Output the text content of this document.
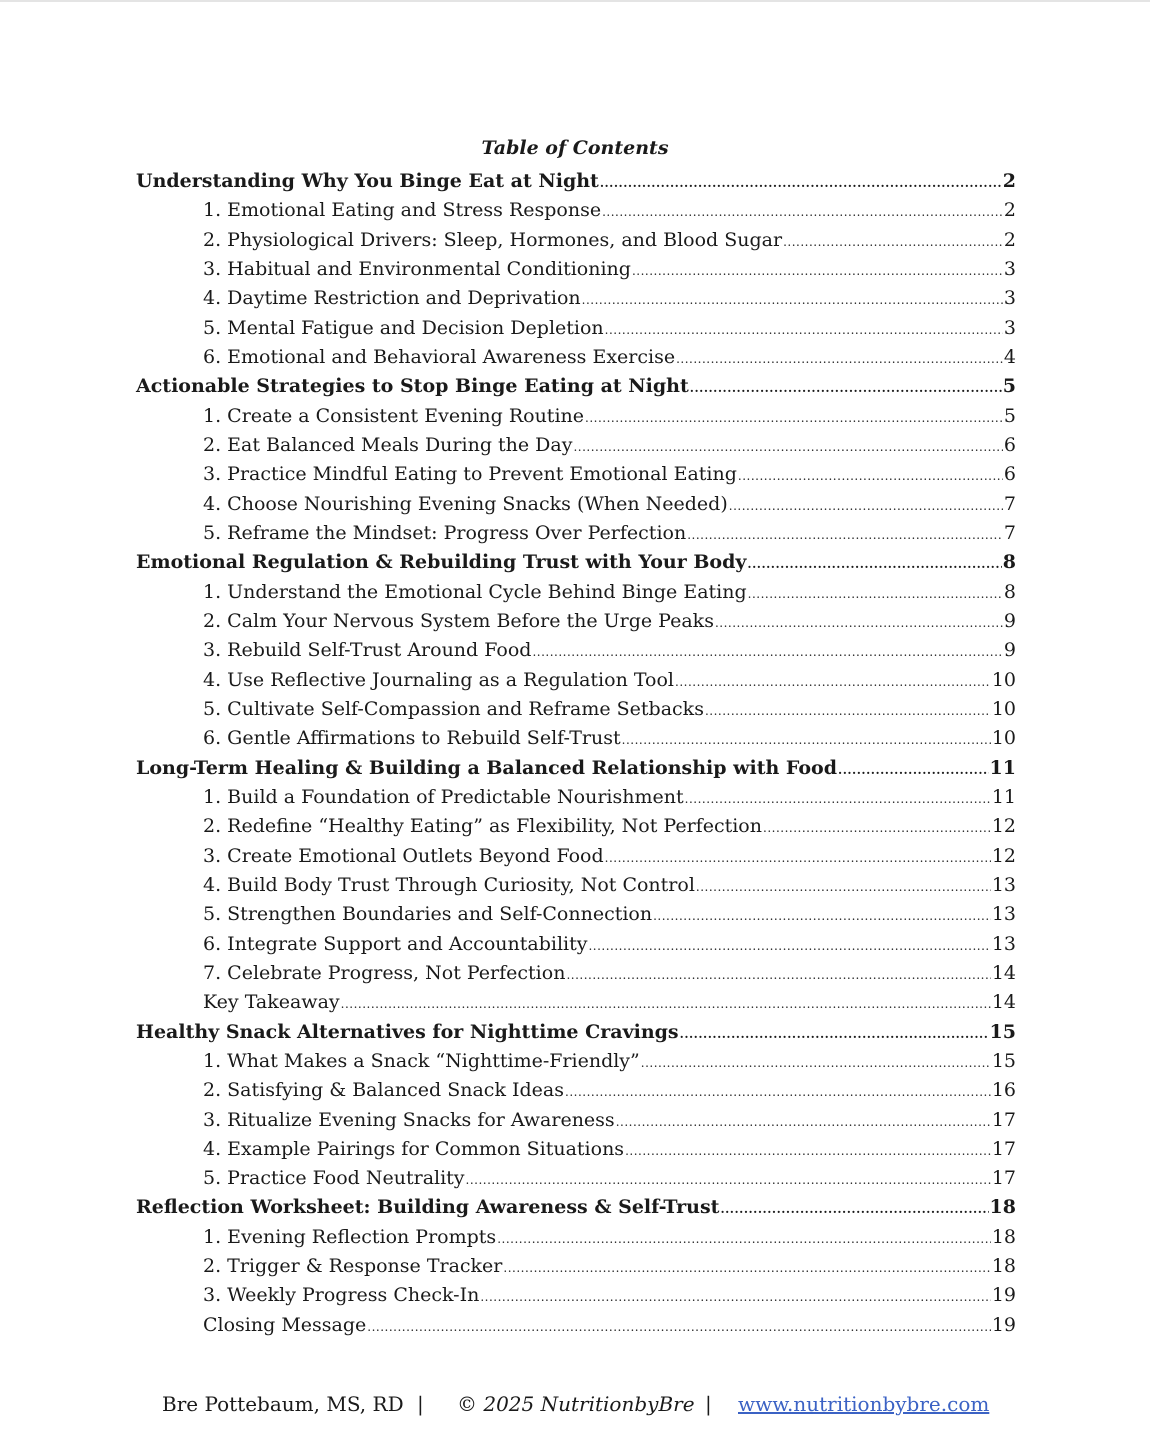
Table of Contents
Understanding Why You Binge Eat at Night .....	2
1. Emotional Eating and Stress Response .....	2
2. Physiological Drivers: Sleep, Hormones, and Blood Sugar .....	2
3. Habitual and Environmental Conditioning .....	3
4. Daytime Restriction and Deprivation .....	3
5. Mental Fatigue and Decision Depletion .....	3
6. Emotional and Behavioral Awareness Exercise .....	4
Actionable Strategies to Stop Binge Eating at Night .....	5
1. Create a Consistent Evening Routine .....	5
2. Eat Balanced Meals During the Day .....	6
3. Practice Mindful Eating to Prevent Emotional Eating .....	6
4. Choose Nourishing Evening Snacks (When Needed) .....	7
5. Reframe the Mindset: Progress Over Perfection .....	7
Emotional Regulation & Rebuilding Trust with Your Body .....	8
1. Understand the Emotional Cycle Behind Binge Eating .....	8
2. Calm Your Nervous System Before the Urge Peaks .....	9
3. Rebuild Self-Trust Around Food .....	9
4. Use Reflective Journaling as a Regulation Tool .....	10
5. Cultivate Self-Compassion and Reframe Setbacks .....	10
6. Gentle Affirmations to Rebuild Self-Trust .....	10
Long-Term Healing & Building a Balanced Relationship with Food .....	11
1. Build a Foundation of Predictable Nourishment .....	11
2. Redefine “Healthy Eating” as Flexibility, Not Perfection .....	12
3. Create Emotional Outlets Beyond Food .....	12
4. Build Body Trust Through Curiosity, Not Control .....	13
5. Strengthen Boundaries and Self-Connection .....	13
6. Integrate Support and Accountability .....	13
7. Celebrate Progress, Not Perfection .....	14
Key Takeaway .....	14
Healthy Snack Alternatives for Nighttime Cravings .....	15
1. What Makes a Snack “Nighttime-Friendly” .....	15
2. Satisfying & Balanced Snack Ideas .....	16
3. Ritualize Evening Snacks for Awareness .....	17
4. Example Pairings for Common Situations .....	17
5. Practice Food Neutrality .....	17
Reflection Worksheet: Building Awareness & Self-Trust .....	18
1. Evening Reflection Prompts .....	18
2. Trigger & Response Tracker .....	18
3. Weekly Progress Check-In .....	19
Closing Message .....	19
Bre Pottebaum, MS, RD | © 2025 NutritionbyBre | www.nutritionbybre.com
